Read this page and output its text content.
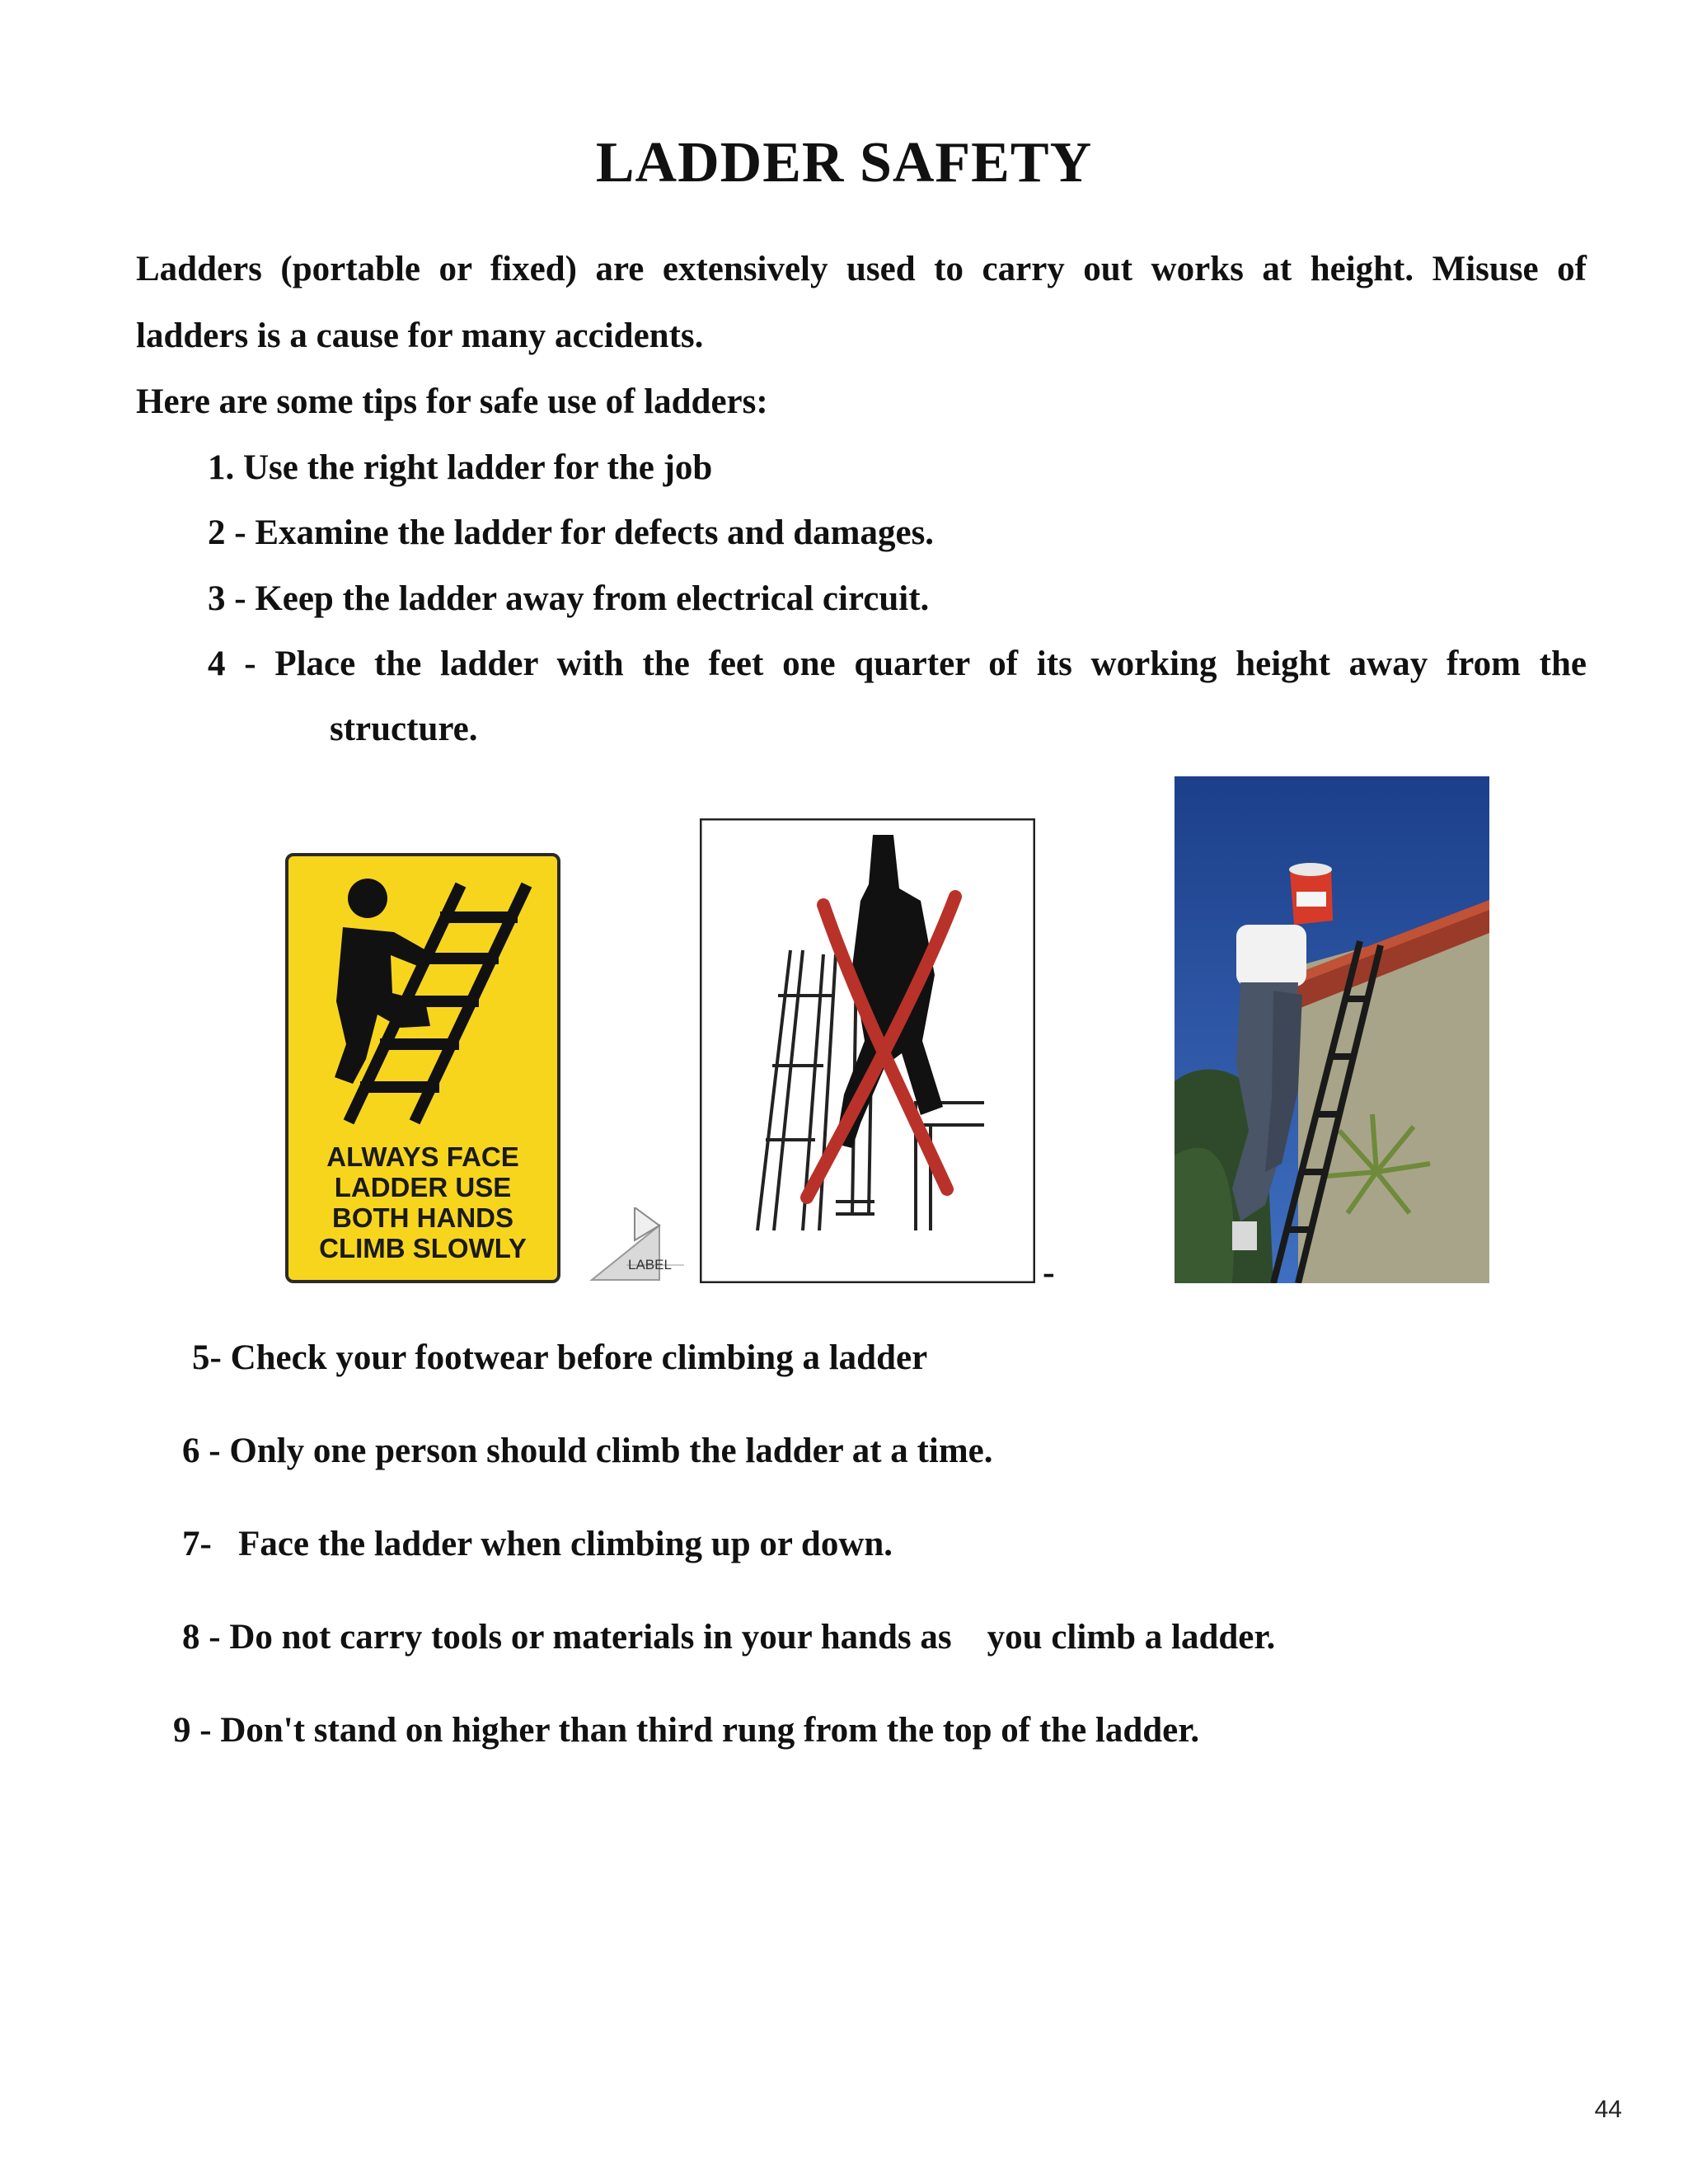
LADDER SAFETY
Ladders (portable or fixed) are extensively used to carry out works at height. Misuse of
ladders is a cause for many accidents.
Here are some tips for safe use of ladders:
1. Use the right ladder for the job
2 - Examine the ladder for defects and damages.
3 - Keep the ladder away from electrical circuit.
4 - Place the ladder with the feet one quarter of its working height away from the
structure.
ALWAYS FACE
LADDER USE
BOTH HANDS
CLIMB SLOWLY
LABEL	-
5- Check your footwear before climbing a ladder
6 - Only one person should climb the ladder at a time.
7-   Face the ladder when climbing up or down.
8 - Do not carry tools or materials in your hands as    you climb a ladder.
9 - Don't stand on higher than third rung from the top of the ladder.
44
